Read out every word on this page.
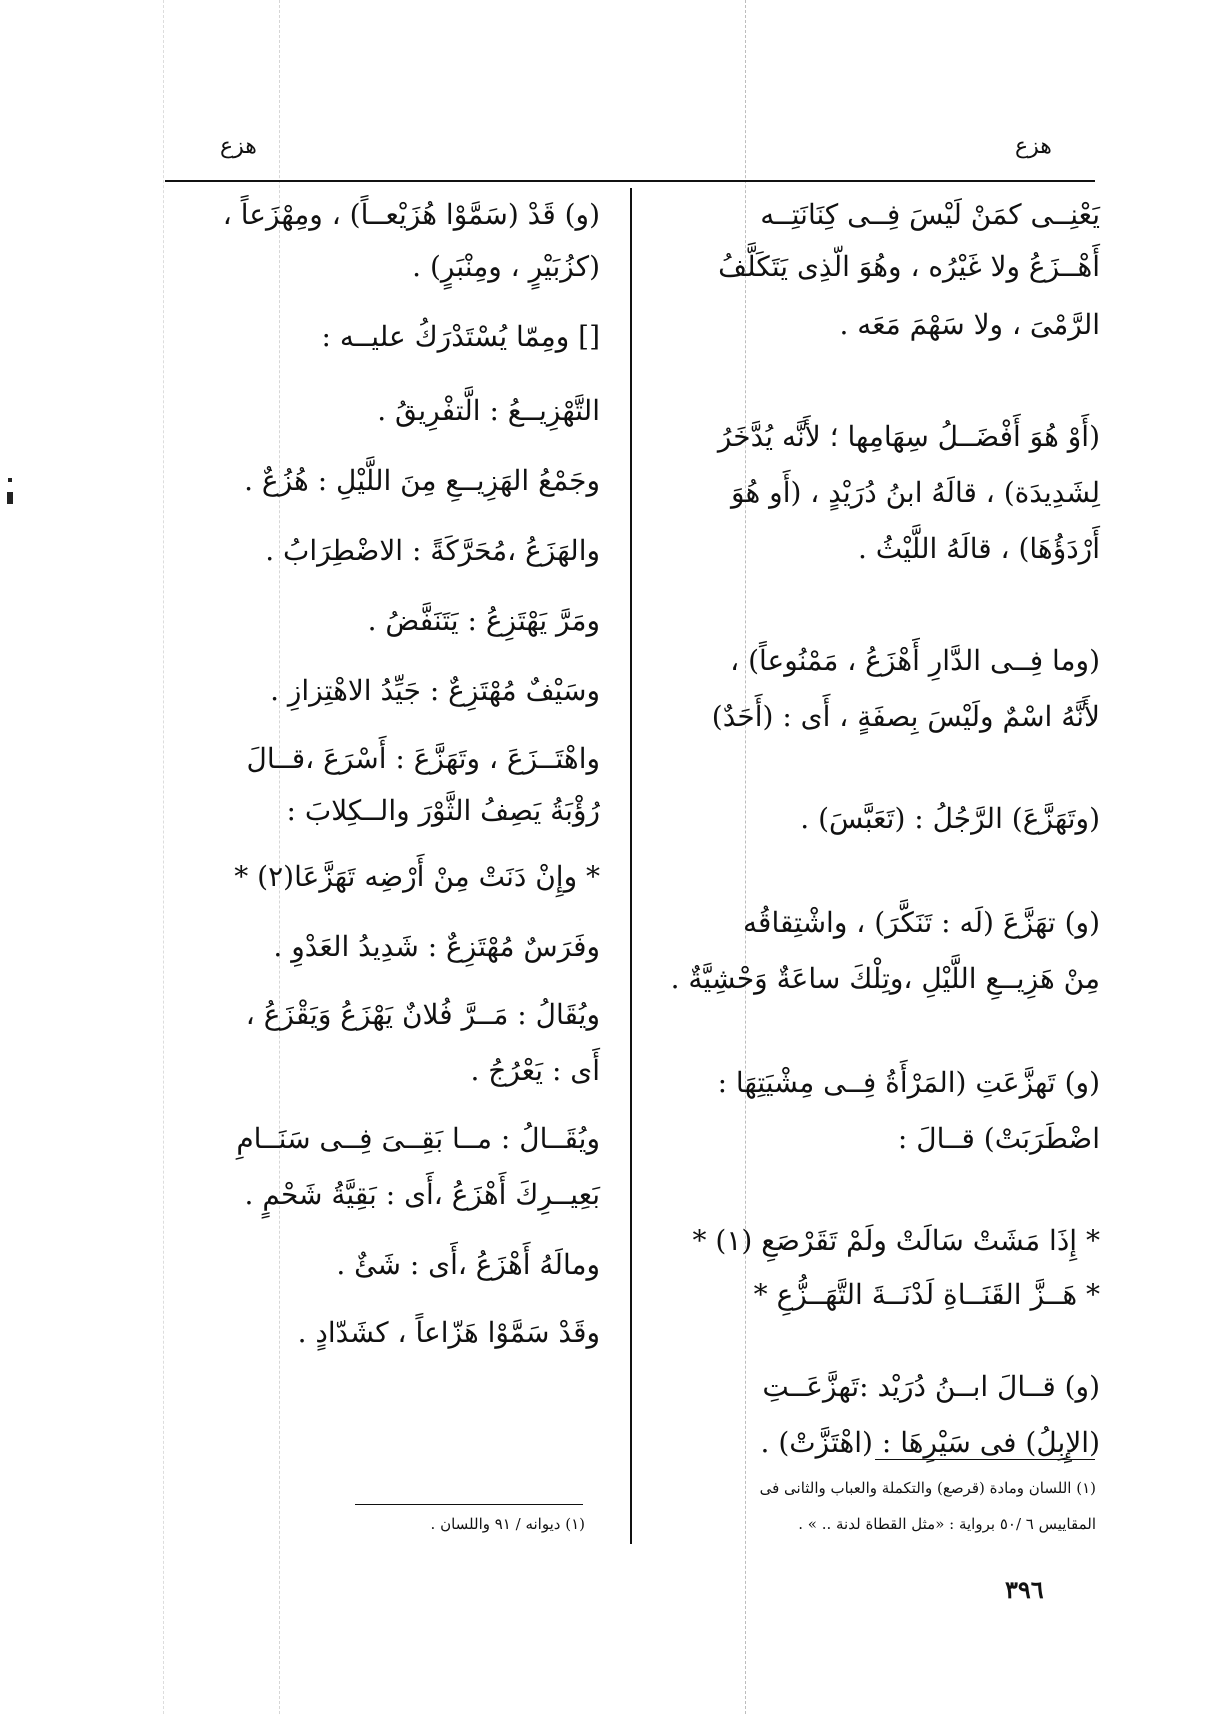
هزع
هزع

يَعْنِــى كمَنْ لَيْسَ فِــى كِنَانَتِــه

أَهْــزَعُ ولا غَيْرُه ، وهُوَ الّذِى يَتَكَلَّفُ

الرَّمْىَ ، ولا سَهْمَ مَعَه .

(أَوْ هُوَ أَفْضَــلُ سِهَامِها ؛ لأَنَّه يُدَّخَرُ

لِشَدِيدَة) ، قالَهُ ابنُ دُرَيْدٍ ، (أَو هُوَ

أَرْدَؤُهَا) ، قالَهُ اللَّيْثُ .

(وما فِــى الدَّارِ أَهْزَعُ ، مَمْنُوعاً) ،

لأَنَّهُ اسْمٌ ولَيْسَ بِصفَةٍ ، أَى : (أَحَدٌ)

(وتَهَزَّعَ) الرَّجُلُ : (تَعَبَّسَ) .

(و) تهَزَّعَ (لَه : تَنَكَّرَ) ، واشْتِقاقُه

مِنْ هَزِيــعِ اللَّيْلِ ،وتِلْكَ ساعَةٌ وَحْشِيَّةٌ .

(و) تَهزَّعَتِ (المَرْأَةُ فِــى مِشْيَتِهَا :

اضْطَرَبَتْ) قــالَ :

* إِذَا مَشَتْ سَالَتْ ولَمْ تَقَرْصَعِ (١) *

* هَــزَّ القَنَــاةِ لَدْنَــةَ التَّهَــزُّعِ *

(و) قــالَ ابــنُ دُرَيْد :تَهزَّعَــتِ

(الإِبِلُ) فى سَيْرِهَا : (اهْتَزَّتْ) .

(و) قَدْ (سَمَّوْا هُزَيْعــاً) ، ومِهْزَعاً ،

(كزُبَيْرٍ ، ومِنْبَرٍ) .

[] ومِمّا يُسْتَدْرَكُ عليــه :

التَّهْزِيــعُ : الَّتفْرِيقُ .

وجَمْعُ الهَزِيــعِ مِنَ اللَّيْلِ : هُزُعٌ .

والهَزَعُ ،مُحَرَّكَةً : الاضْطِرَابُ .

ومَرَّ يَهْتَزِعُ : يَتَنَفَّضُ .

وسَيْفٌ مُهْتَزِعٌ : جَيِّدُ الاهْتِزازِ .

واهْتَــزَعَ ، وتَهَزَّعَ : أَسْرَعَ ،قــالَ

رُؤْبَةُ يَصِفُ الثَّوْرَ والــكِلابَ :

* وإِنْ دَنَتْ مِنْ أَرْضِه تَهَزَّعَا(٢) *

وفَرَسٌ مُهْتَزِعٌ : شَدِيدُ العَدْوِ .

ويُقَالُ : مَــرَّ فُلانٌ يَهْزَعُ وَيَقْزَعُ ،

أَى : يَعْرُجُ .

ويُقَــالُ : مــا بَقِــىَ فِــى سَنَــامِ

بَعِيــرِكَ أَهْزَعُ ،أَى : بَقِيَّةُ شَحْمٍ .

ومالَهُ أَهْزَعُ ،أَى : شَئٌ .

وقَدْ سَمَّوْا هَزّاعاً ، كشَدّادٍ .

(١) اللسان ومادة (قرصع) والتكملة والعباب والثانى فى
المقاييس ٦ /٥٠ برواية : «مثل القطاة لدنة .. » .
(١) ديوانه / ٩١ واللسان .
٣٩٦
